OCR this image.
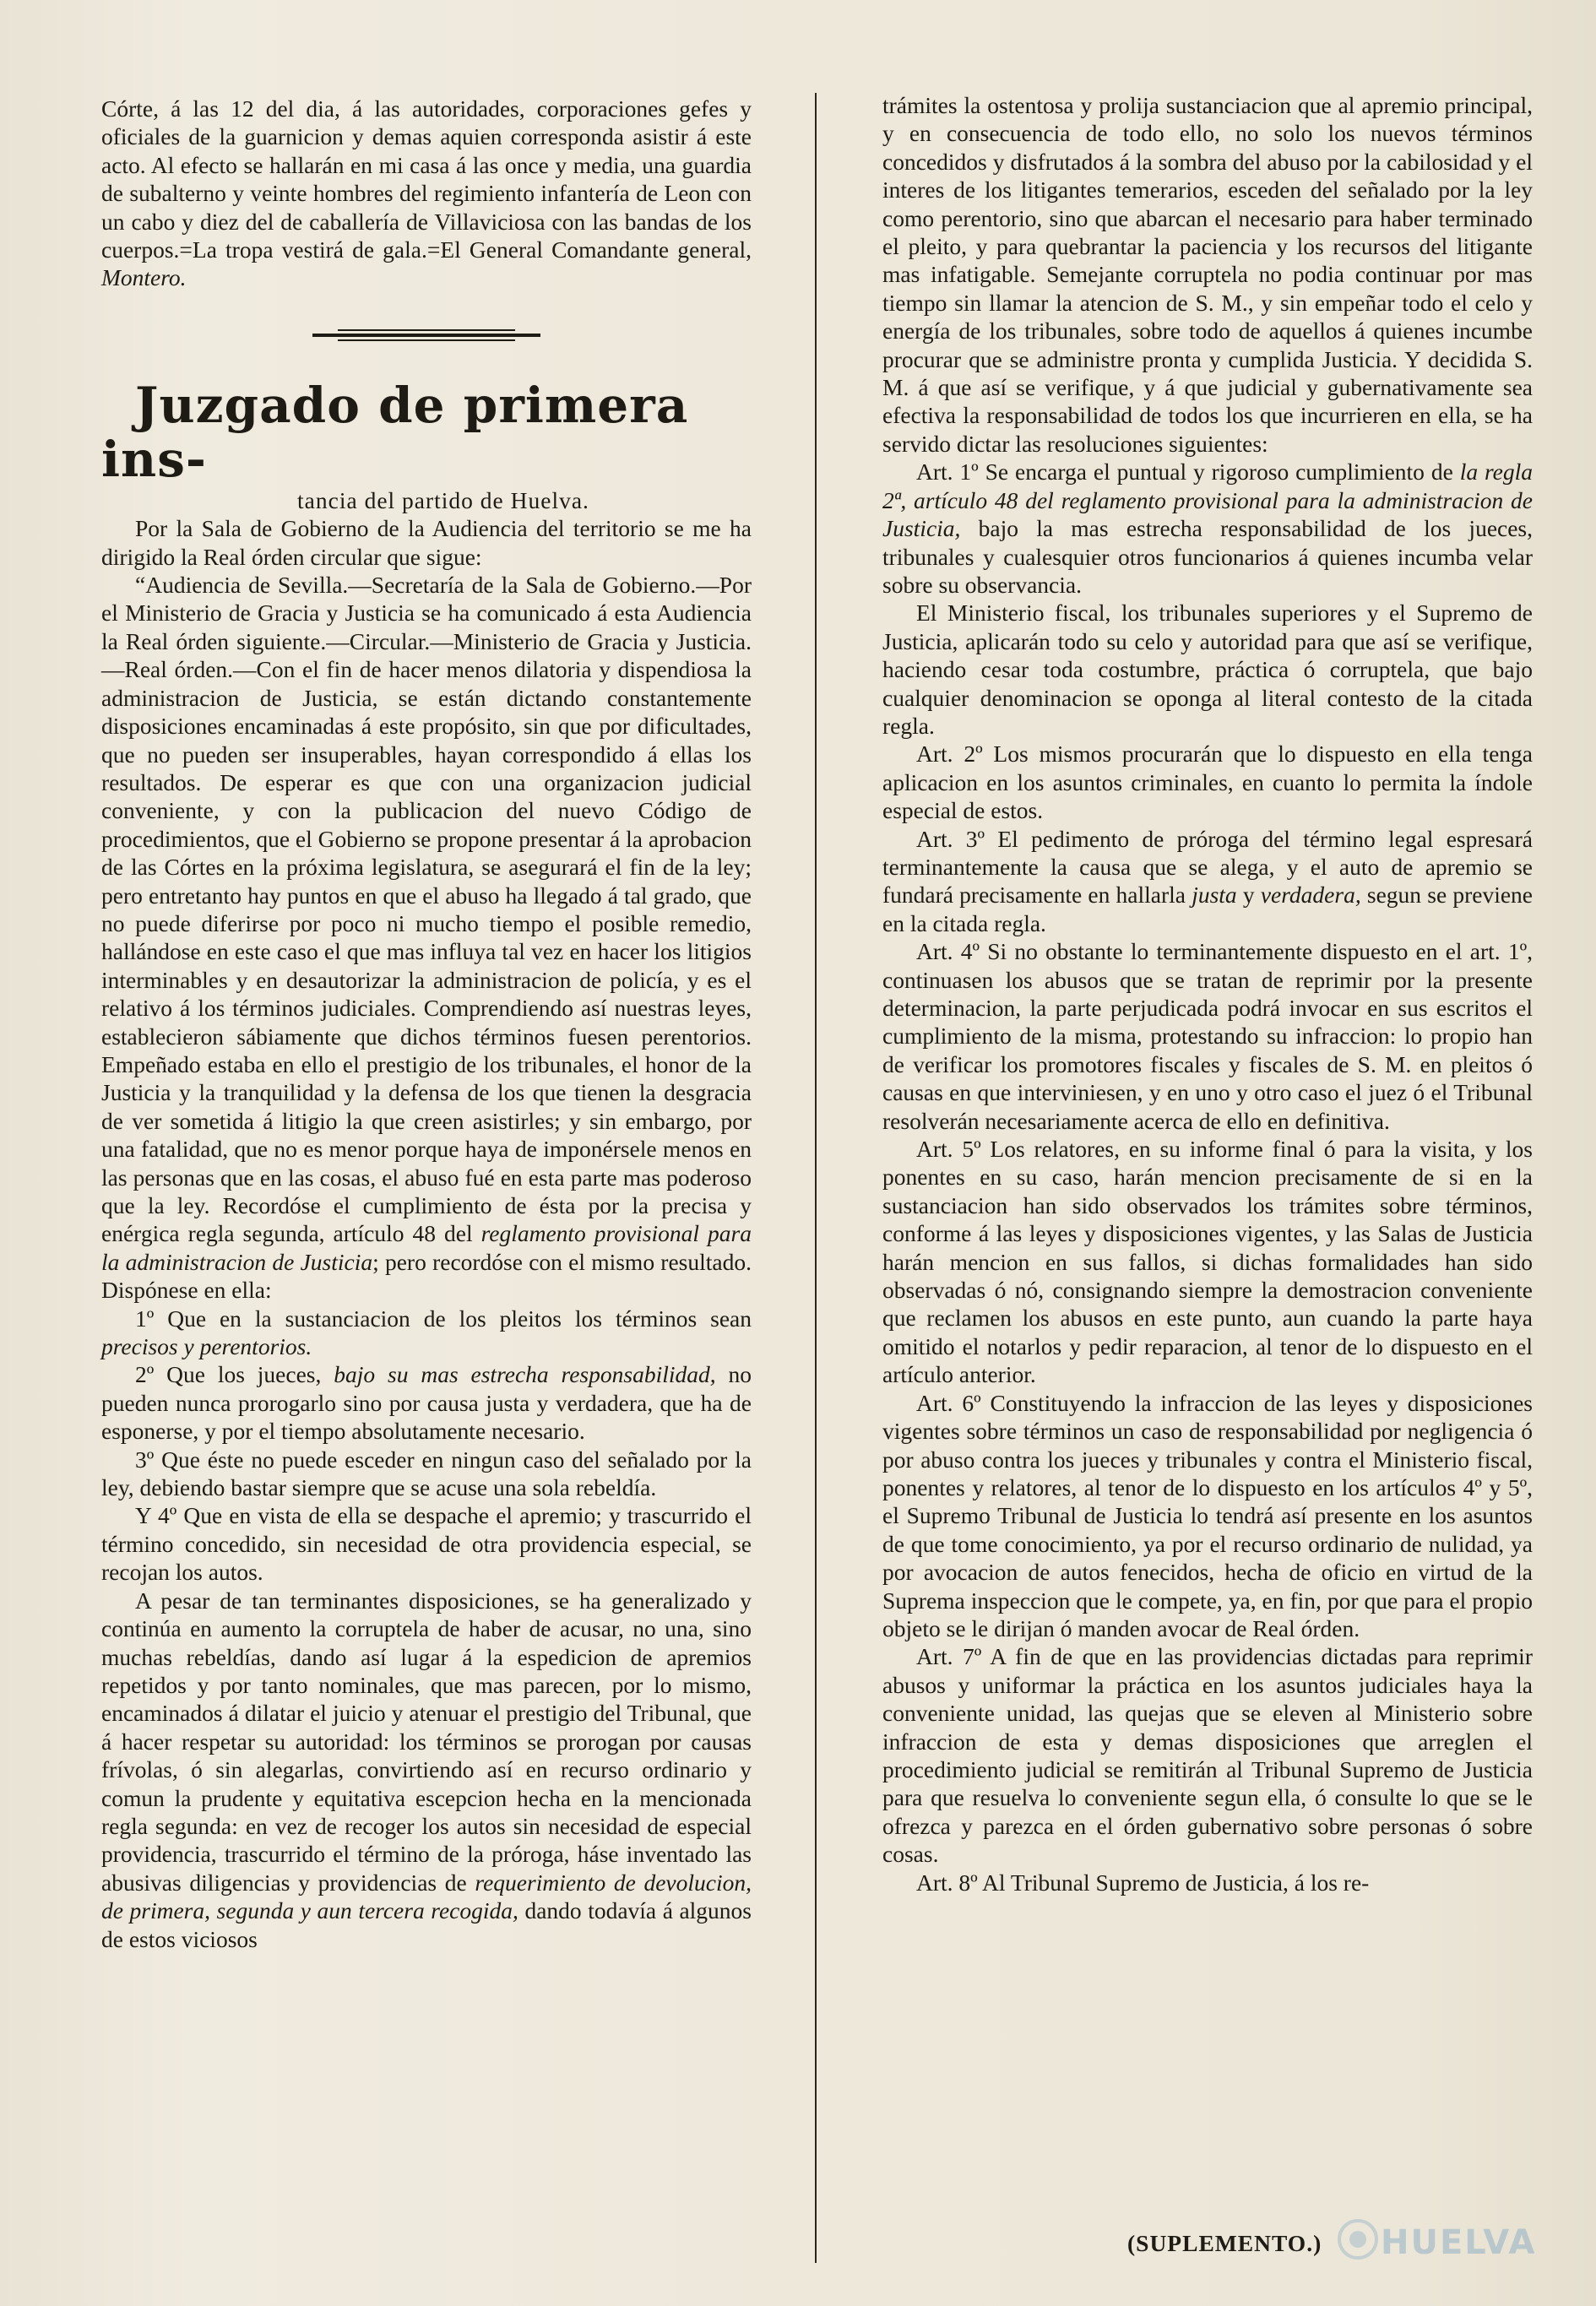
Córte, á las 12 del dia, á las autoridades, corporaciones gefes y oficiales de la guarnicion y demas aquien corresponda asistir á este acto. Al efecto se hallarán en mi casa á las once y media, una guardia de subalterno y veinte hombres del regimiento infantería de Leon con un cabo y diez del de caballería de Villaviciosa con las bandas de los cuerpos.=La tropa vestirá de gala.=El General Comandante general, Montero.

Juzgado de primera ins-

tancia del partido de Huelva.

Por la Sala de Gobierno de la Audiencia del territorio se me ha dirigido la Real órden circular que sigue:

“Audiencia de Sevilla.—Secretaría de la Sala de Gobierno.—Por el Ministerio de Gracia y Justicia se ha comunicado á esta Audiencia la Real órden siguiente.—Circular.—Ministerio de Gracia y Justicia.—Real órden.—Con el fin de hacer menos dilatoria y dispendiosa la administracion de Justicia, se están dictando constantemente disposiciones encaminadas á este propósito, sin que por dificultades, que no pueden ser insuperables, hayan correspondido á ellas los resultados. De esperar es que con una organizacion judicial conveniente, y con la publicacion del nuevo Código de procedimientos, que el Gobierno se propone presentar á la aprobacion de las Córtes en la próxima legislatura, se asegurará el fin de la ley; pero entretanto hay puntos en que el abuso ha llegado á tal grado, que no puede diferirse por poco ni mucho tiempo el posible remedio, hallándose en este caso el que mas influya tal vez en hacer los litigios interminables y en desautorizar la administracion de policía, y es el relativo á los términos judiciales. Comprendiendo así nuestras leyes, establecieron sábiamente que dichos términos fuesen perentorios. Empeñado estaba en ello el prestigio de los tribunales, el honor de la Justicia y la tranquilidad y la defensa de los que tienen la desgracia de ver sometida á litigio la que creen asistirles; y sin embargo, por una fatalidad, que no es menor porque haya de imponérsele menos en las personas que en las cosas, el abuso fué en esta parte mas poderoso que la ley. Recordóse el cumplimiento de ésta por la precisa y enérgica regla segunda, artículo 48 del reglamento provisional para la administracion de Justicia; pero recordóse con el mismo resultado. Dispónese en ella:

1º Que en la sustanciacion de los pleitos los términos sean precisos y perentorios.

2º Que los jueces, bajo su mas estrecha responsabilidad, no pueden nunca prorogarlo sino por causa justa y verdadera, que ha de esponerse, y por el tiempo absolutamente necesario.

3º Que éste no puede esceder en ningun caso del señalado por la ley, debiendo bastar siempre que se acuse una sola rebeldía.

Y 4º Que en vista de ella se despache el apremio; y trascurrido el término concedido, sin necesidad de otra providencia especial, se recojan los autos.

A pesar de tan terminantes disposiciones, se ha generalizado y continúa en aumento la corruptela de haber de acusar, no una, sino muchas rebeldías, dando así lugar á la espedicion de apremios repetidos y por tanto nominales, que mas parecen, por lo mismo, encaminados á dilatar el juicio y atenuar el prestigio del Tribunal, que á hacer respetar su autoridad: los términos se prorogan por causas frívolas, ó sin alegarlas, convirtiendo así en recurso ordinario y comun la prudente y equitativa escepcion hecha en la mencionada regla segunda: en vez de recoger los autos sin necesidad de especial providencia, trascurrido el término de la próroga, háse inventado las abusivas diligencias y providencias de requerimiento de devolucion, de primera, segunda y aun tercera recogida, dando todavía á algunos de estos viciosos

trámites la ostentosa y prolija sustanciacion que al apremio principal, y en consecuencia de todo ello, no solo los nuevos términos concedidos y disfrutados á la sombra del abuso por la cabilosidad y el interes de los litigantes temerarios, esceden del señalado por la ley como perentorio, sino que abarcan el necesario para haber terminado el pleito, y para quebrantar la paciencia y los recursos del litigante mas infatigable. Semejante corruptela no podia continuar por mas tiempo sin llamar la atencion de S. M., y sin empeñar todo el celo y energía de los tribunales, sobre todo de aquellos á quienes incumbe procurar que se administre pronta y cumplida Justicia. Y decidida S. M. á que así se verifique, y á que judicial y gubernativamente sea efectiva la responsabilidad de todos los que incurrieren en ella, se ha servido dictar las resoluciones siguientes:

Art. 1º Se encarga el puntual y rigoroso cumplimiento de la regla 2ª, artículo 48 del reglamento provisional para la administracion de Justicia, bajo la mas estrecha responsabilidad de los jueces, tribunales y cualesquier otros funcionarios á quienes incumba velar sobre su observancia.

El Ministerio fiscal, los tribunales superiores y el Supremo de Justicia, aplicarán todo su celo y autoridad para que así se verifique, haciendo cesar toda costumbre, práctica ó corruptela, que bajo cualquier denominacion se oponga al literal contesto de la citada regla.

Art. 2º Los mismos procurarán que lo dispuesto en ella tenga aplicacion en los asuntos criminales, en cuanto lo permita la índole especial de estos.

Art. 3º El pedimento de próroga del término legal espresará terminantemente la causa que se alega, y el auto de apremio se fundará precisamente en hallarla justa y verdadera, segun se previene en la citada regla.

Art. 4º Si no obstante lo terminantemente dispuesto en el art. 1º, continuasen los abusos que se tratan de reprimir por la presente determinacion, la parte perjudicada podrá invocar en sus escritos el cumplimiento de la misma, protestando su infraccion: lo propio han de verificar los promotores fiscales y fiscales de S. M. en pleitos ó causas en que interviniesen, y en uno y otro caso el juez ó el Tribunal resolverán necesariamente acerca de ello en definitiva.

Art. 5º Los relatores, en su informe final ó para la visita, y los ponentes en su caso, harán mencion precisamente de si en la sustanciacion han sido observados los trámites sobre términos, conforme á las leyes y disposiciones vigentes, y las Salas de Justicia harán mencion en sus fallos, si dichas formalidades han sido observadas ó nó, consignando siempre la demostracion conveniente que reclamen los abusos en este punto, aun cuando la parte haya omitido el notarlos y pedir reparacion, al tenor de lo dispuesto en el artículo anterior.

Art. 6º Constituyendo la infraccion de las leyes y disposiciones vigentes sobre términos un caso de responsabilidad por negligencia ó por abuso contra los jueces y tribunales y contra el Ministerio fiscal, ponentes y relatores, al tenor de lo dispuesto en los artículos 4º y 5º, el Supremo Tribunal de Justicia lo tendrá así presente en los asuntos de que tome conocimiento, ya por el recurso ordinario de nulidad, ya por avocacion de autos fenecidos, hecha de oficio en virtud de la Suprema inspeccion que le compete, ya, en fin, por que para el propio objeto se le dirijan ó manden avocar de Real órden.

Art. 7º A fin de que en las providencias dictadas para reprimir abusos y uniformar la práctica en los asuntos judiciales haya la conveniente unidad, las quejas que se eleven al Ministerio sobre infraccion de esta y demas disposiciones que arreglen el procedimiento judicial se remitirán al Tribunal Supremo de Justicia para que resuelva lo conveniente segun ella, ó consulte lo que se le ofrezca y parezca en el órden gubernativo sobre personas ó sobre cosas.

Art. 8º Al Tribunal Supremo de Justicia, á los re-

(SUPLEMENTO.) HUELVA
